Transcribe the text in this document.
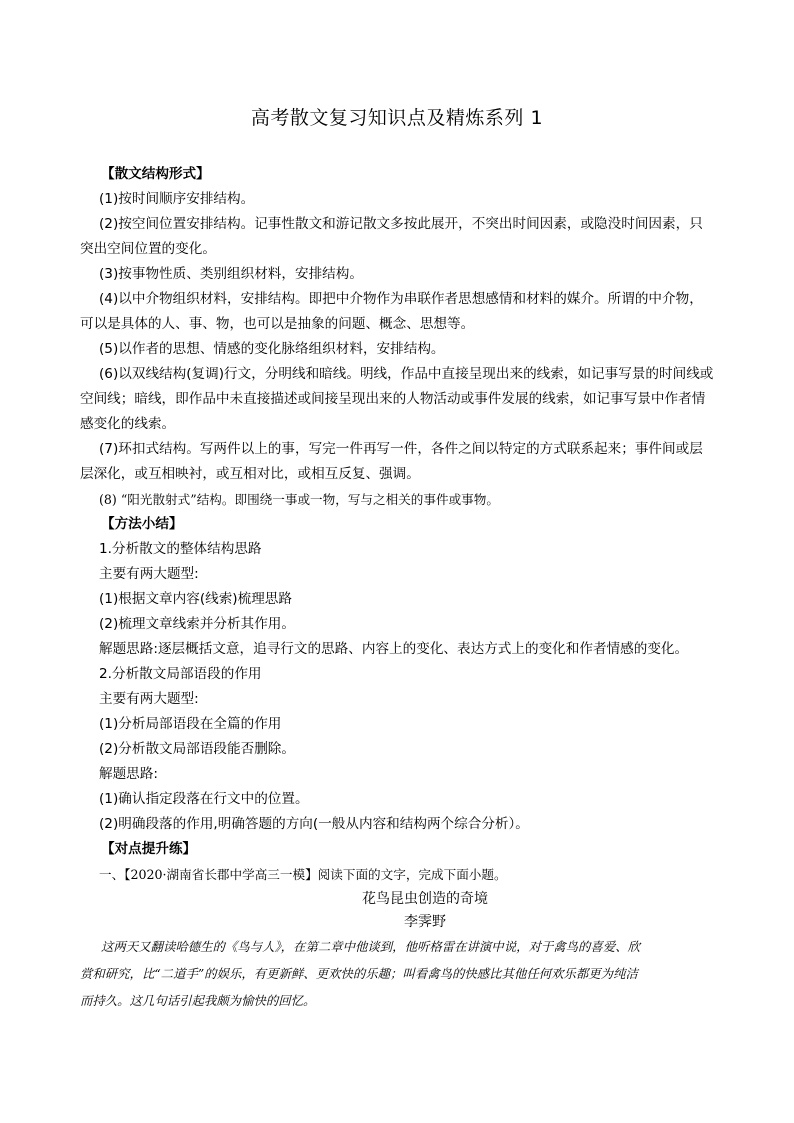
高考散文复习知识点及精炼系列 1
【散文结构形式】
(1)按时间顺序安排结构。
(2)按空间位置安排结构。记事性散文和游记散文多按此展开，不突出时间因素，或隐没时间因素，只
突出空间位置的变化。
(3)按事物性质、类别组织材料，安排结构。
(4)以中介物组织材料，安排结构。即把中介物作为串联作者思想感情和材料的媒介。所谓的中介物，
可以是具体的人、事、物，也可以是抽象的问题、概念、思想等。
(5)以作者的思想、情感的变化脉络组织材料，安排结构。
(6)以双线结构(复调)行文，分明线和暗线。明线，作品中直接呈现出来的线索，如记事写景的时间线或
空间线；暗线，即作品中未直接描述或间接呈现出来的人物活动或事件发展的线索，如记事写景中作者情
感变化的线索。
(7)环扣式结构。写两件以上的事，写完一件再写一件，各件之间以特定的方式联系起来；事件间或层
层深化，或互相映衬，或互相对比，或相互反复、强调。
(8) “阳光散射式”结构。即围绕一事或一物，写与之相关的事件或事物。
【方法小结】
1.分析散文的整体结构思路
主要有两大题型:
(1)根据文章内容(线索)梳理思路
(2)梳理文章线索并分析其作用。
解题思路:逐层概括文意，追寻行文的思路、内容上的变化、表达方式上的变化和作者情感的变化。
2.分析散文局部语段的作用
主要有两大题型:
(1)分析局部语段在全篇的作用
(2)分析散文局部语段能否删除。
解题思路:
(1)确认指定段落在行文中的位置。
(2)明确段落的作用,明确答题的方向(一般从内容和结构两个综合分析）。
【对点提升练】
一、【2020·湖南省长郡中学高三一模】阅读下面的文字，完成下面小题。
花鸟昆虫创造的奇境
李霁野
这两天又翻读哈德生的《鸟与人》，在第二章中他谈到，他听格雷在讲演中说，对于禽鸟的喜爱、欣
赏和研究，比“二道手”的娱乐，有更新鲜、更欢快的乐趣；叫看禽鸟的快感比其他任何欢乐都更为纯洁
而持久。这几句话引起我颇为愉快的回忆。
